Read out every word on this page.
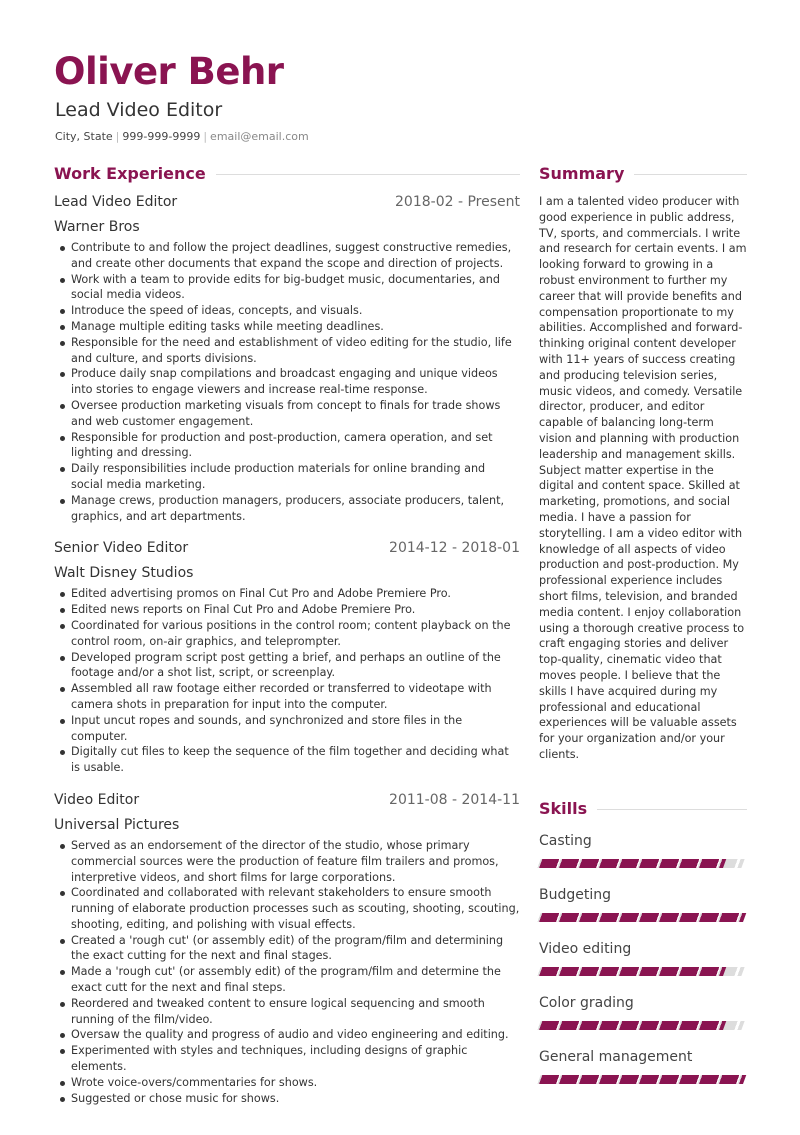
Oliver Behr
Lead Video Editor
City, State | 999-999-9999 | email@email.com
Work Experience
Lead Video Editor	2018-02 - Present
Warner Bros
Contribute to and follow the project deadlines, suggest constructive remedies, and create other documents that expand the scope and direction of projects.
Work with a team to provide edits for big-budget music, documentaries, and social media videos.
Introduce the speed of ideas, concepts, and visuals.
Manage multiple editing tasks while meeting deadlines.
Responsible for the need and establishment of video editing for the studio, life and culture, and sports divisions.
Produce daily snap compilations and broadcast engaging and unique videos into stories to engage viewers and increase real-time response.
Oversee production marketing visuals from concept to finals for trade shows and web customer engagement.
Responsible for production and post-production, camera operation, and set lighting and dressing.
Daily responsibilities include production materials for online branding and social media marketing.
Manage crews, production managers, producers, associate producers, talent, graphics, and art departments.
Senior Video Editor	2014-12 - 2018-01
Walt Disney Studios
Edited advertising promos on Final Cut Pro and Adobe Premiere Pro.
Edited news reports on Final Cut Pro and Adobe Premiere Pro.
Coordinated for various positions in the control room; content playback on the control room, on-air graphics, and teleprompter.
Developed program script post getting a brief, and perhaps an outline of the footage and/or a shot list, script, or screenplay.
Assembled all raw footage either recorded or transferred to videotape with camera shots in preparation for input into the computer.
Input uncut ropes and sounds, and synchronized and store files in the computer.
Digitally cut files to keep the sequence of the film together and deciding what is usable.
Video Editor	2011-08 - 2014-11
Universal Pictures
Served as an endorsement of the director of the studio, whose primary commercial sources were the production of feature film trailers and promos, interpretive videos, and short films for large corporations.
Coordinated and collaborated with relevant stakeholders to ensure smooth running of elaborate production processes such as scouting, shooting, scouting, shooting, editing, and polishing with visual effects.
Created a 'rough cut' (or assembly edit) of the program/film and determining the exact cutting for the next and final stages.
Made a 'rough cut' (or assembly edit) of the program/film and determine the exact cutt for the next and final steps.
Reordered and tweaked content to ensure logical sequencing and smooth running of the film/video.
Oversaw the quality and progress of audio and video engineering and editing.
Experimented with styles and techniques, including designs of graphic elements.
Wrote voice-overs/commentaries for shows.
Suggested or chose music for shows.
Summary

I am a talented video producer with good experience in public address, TV, sports, and commercials. I write and research for certain events. I am looking forward to growing in a robust environment to further my career that will provide benefits and compensation proportionate to my abilities. Accomplished and forward-thinking original content developer with 11+ years of success creating and producing television series, music videos, and comedy. Versatile director, producer, and editor capable of balancing long-term vision and planning with production leadership and management skills. Subject matter expertise in the digital and content space. Skilled at marketing, promotions, and social media. I have a passion for storytelling. I am a video editor with knowledge of all aspects of video production and post-production. My professional experience includes short films, television, and branded media content. I enjoy collaboration using a thorough creative process to craft engaging stories and deliver top-quality, cinematic video that moves people. I believe that the skills I have acquired during my professional and educational experiences will be valuable assets for your organization and/or your clients.

Skills
Casting
Budgeting
Video editing
Color grading
General management
